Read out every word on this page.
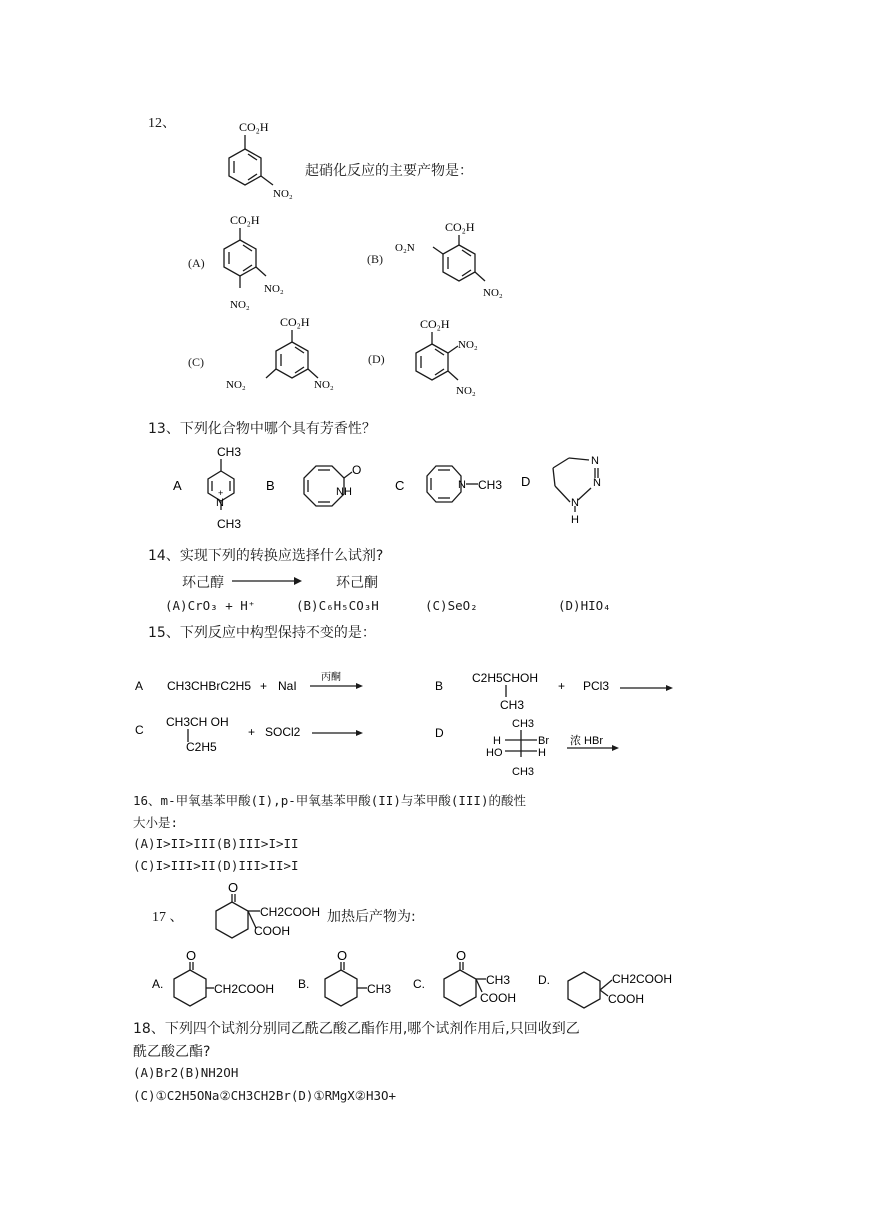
12、	CO₂H
NO₂
起硝化反应的主要产物是：
(A)
CO₂H
NO₂
NO₂
(B)
CO₂H
O₂N
NO₂
(C)
CO₂H
NO₂	NO₂
(D)
CO₂H
NO₂
NO₂
13、下列化合物中哪个具有芳香性？
A
CH3
N
+
CH3
B
O
NH	C	N CH3 D
N
N
N
H
14、实现下列的转换应选择什么试剂?
环己醇	环己酮
(A)CrO₃ + H⁺	(B)C₆H₅CO₃H	(C)SeO₂	(D)HIO₄
15、下列反应中构型保持不变的是：
A CH3CHBrC2H5 + NaI
丙酮
B
C2H5CHOH
CH3
+ PCl3
C
CH3CH OH
C2H5
+ SOCl2	D
CH3
H	Br
HO	H
CH3
浓 HBr
16、m-甲氧基苯甲酸(I),p-甲氧基苯甲酸(II)与苯甲酸(III)的酸性
大小是:
(A)I>II>III(B)III>I>II
(C)I>III>II(D)III>II>I
17 、
O
CH2COOH
COOH
加热后产物为:
A.
O
CH2COOH B.
O
CH3 C.
O
CH3
COOH
D.	CH2COOH
COOH
18、下列四个试剂分别同乙酰乙酸乙酯作用,哪个试剂作用后,只回收到乙
酰乙酸乙酯?
(A)Br2(B)NH2OH
(C)①C2H5ONa②CH3CH2Br(D)①RMgX②H3O+
